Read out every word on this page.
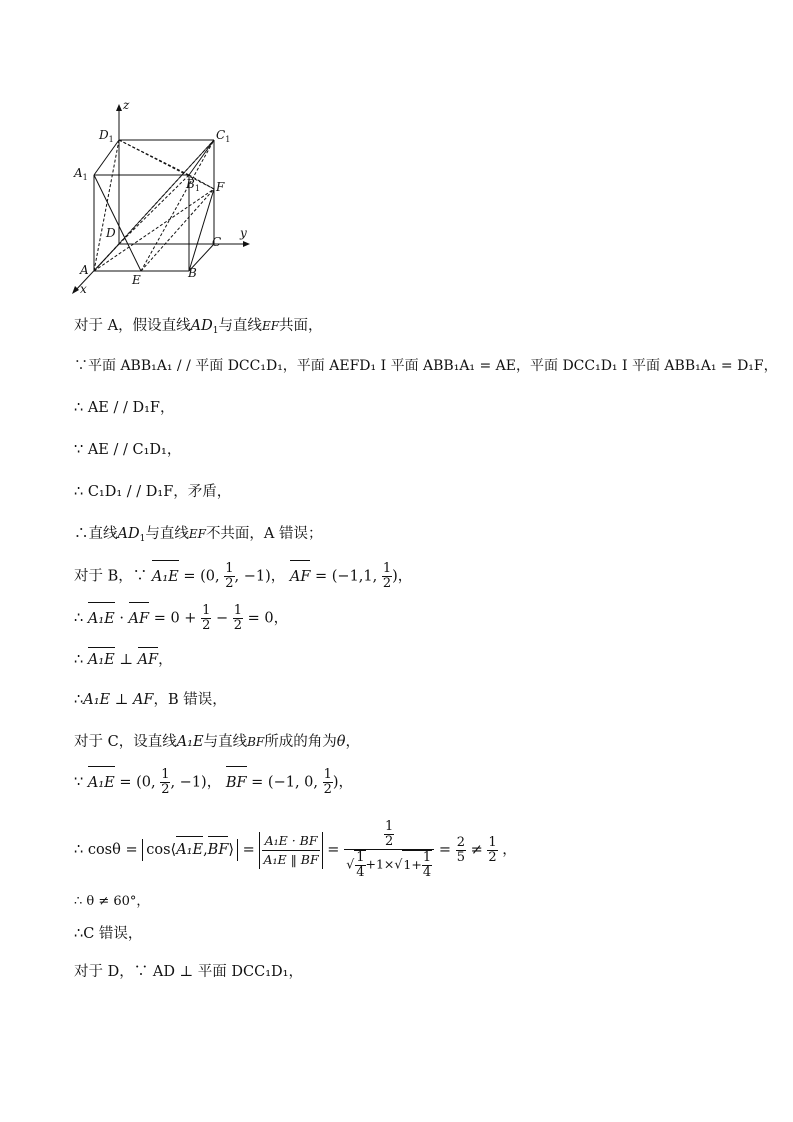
z
y
x
$D_1$	$C_1$
$A_1$	$B_1$ F
D
C
A
E	B
对于 A，假设直线$AD_1$与直线EF共面，
∵平面 ABB₁A₁ / / 平面 DCC₁D₁，平面 AEFD₁ I 平面 ABB₁A₁ = AE，平面 DCC₁D₁ I 平面 ABB₁A₁ = D₁F，
∴ AE / / D₁F，
∵ AE / / C₁D₁，
∴ C₁D₁ / / D₁F，矛盾，
∴直线$AD_1$与直线EF不共面，A 错误；
对于 B，∵ A₁E = (0, $\frac{1}{2}$ , −1)， AF = (−1,1, $\frac{1}{2}$ )，
∴ A₁E · AF = $0 + \frac{1}{2} - \frac{1}{2} = 0$，
∴ A₁E ⊥ AF，
∴A₁E ⊥ AF，B 错误，
对于 C，设直线A₁E与直线BF所成的角为θ，
∵ A₁E = (0, $\frac{1}{2}$ , −1)， BF = (−1, 0, $\frac{1}{2}$ )，
∴ cosθ = cos⟨A₁E,BF⟩ = $\frac{\text{A₁E · BF}}{\text{A₁E ‖ BF}} = \frac{\frac{1}{2}}{√ \frac{1}{4} +1\times√1+ \frac{1}{4}} = \frac{2}{5} \ne \frac{1}{2}$ ，
∴ θ ≠ 60°，
∴C 错误，
对于 D，∵ AD ⊥ 平面 DCC₁D₁，
